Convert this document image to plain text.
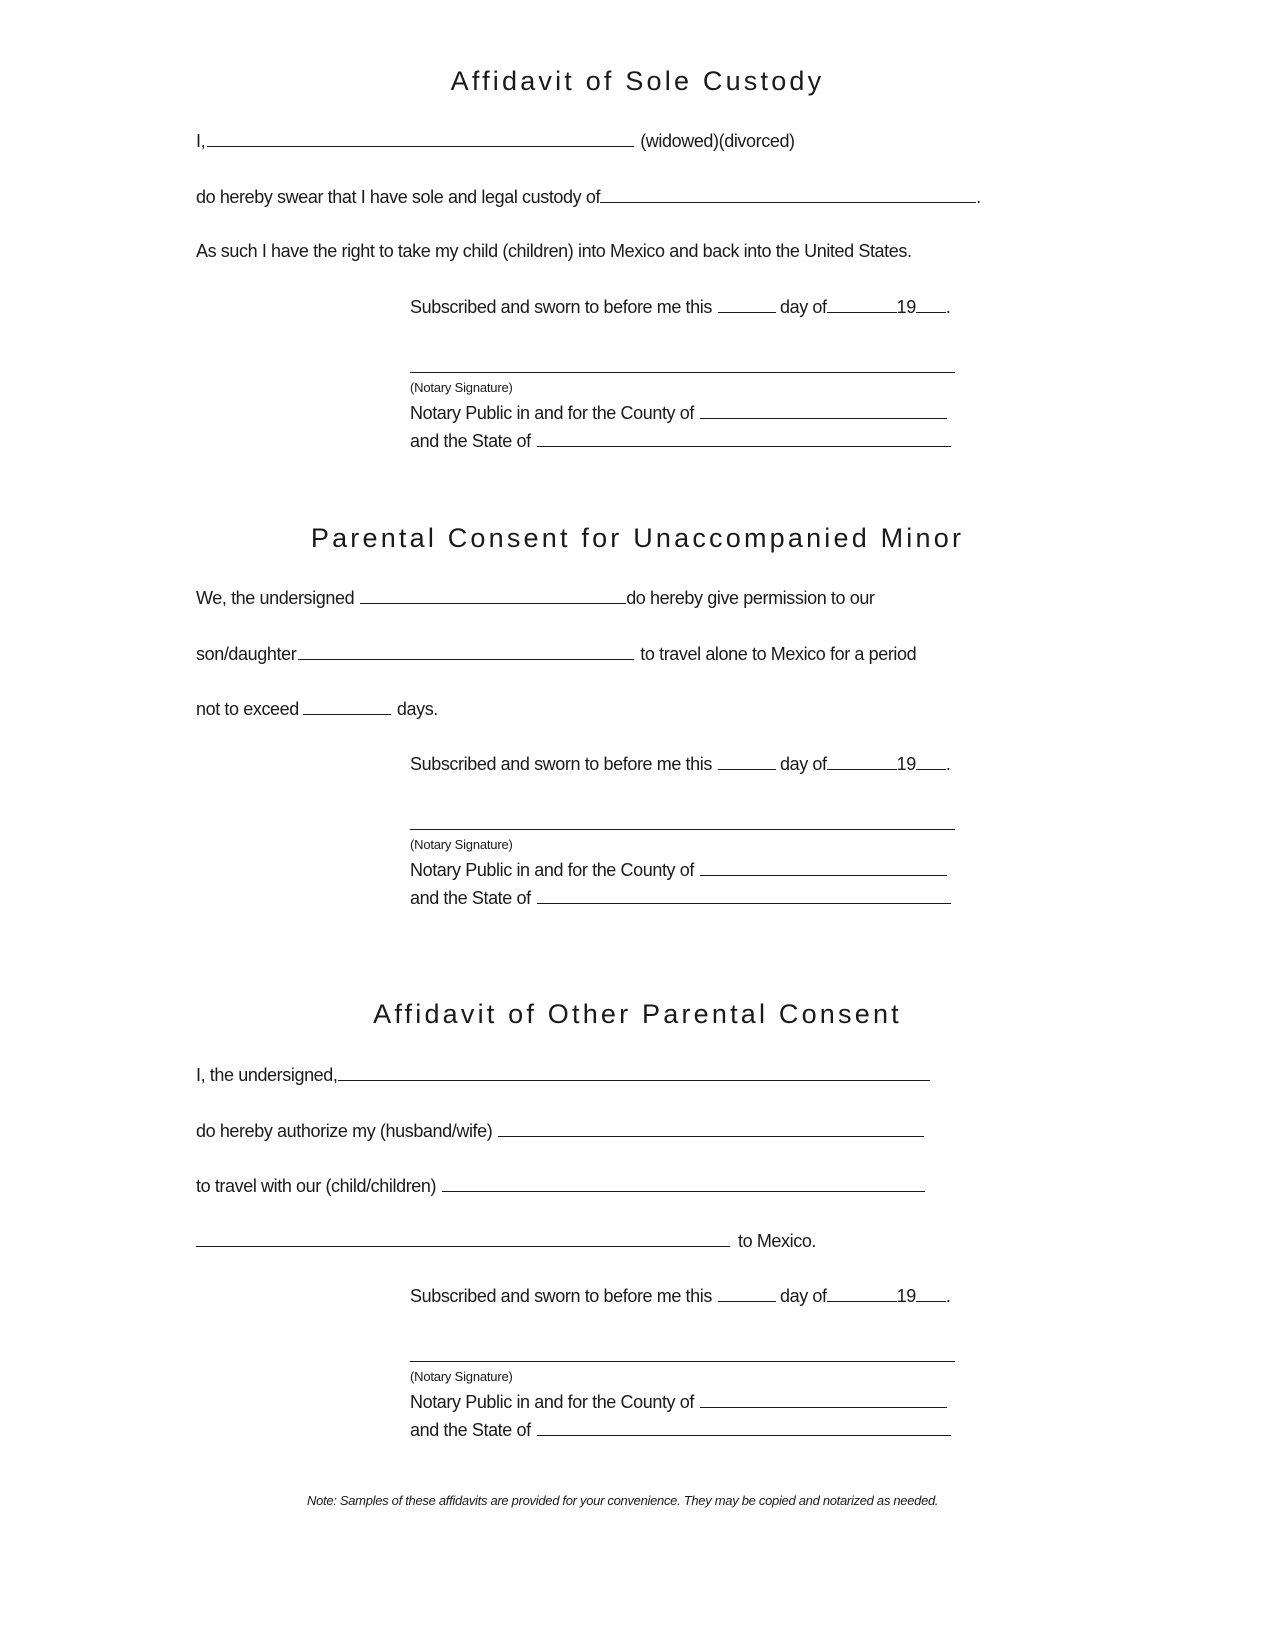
Affidavit of Sole Custody
I,	(widowed)(divorced)
do hereby swear that I have sole and legal custody of	.
As such I have the right to take my child (children) into Mexico and back into the United States.
Subscribed and sworn to before me this	day of	19 .
(Notary Signature)
Notary Public in and for the County of
and the State of
Parental Consent for Unaccompanied Minor
We, the undersigned	do hereby give permission to our
son/daughter	to travel alone to Mexico for a period
not to exceed	days.
Subscribed and sworn to before me this	day of	19 .
(Notary Signature)
Notary Public in and for the County of
and the State of
Affidavit of Other Parental Consent
I, the undersigned,
do hereby authorize my (husband/wife)
to travel with our (child/children)
to Mexico.
Subscribed and sworn to before me this	day of	19 .
(Notary Signature)
Notary Public in and for the County of
and the State of
Note: Samples of these affidavits are provided for your convenience. They may be copied and notarized as needed.
